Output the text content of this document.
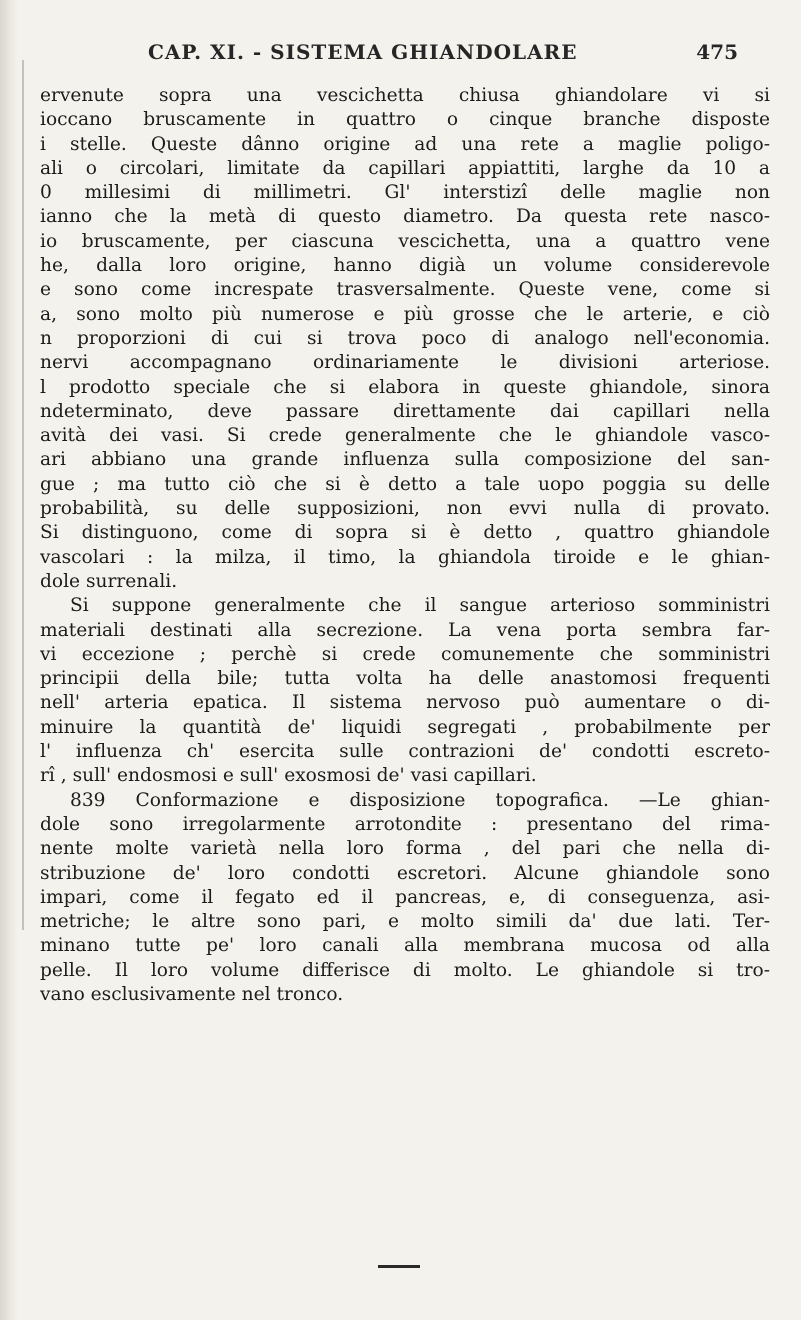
CAP. XI. - SISTEMA GHIANDOLARE	475
ervenute sopra una vescichetta chiusa ghiandolare vi si
ioccano bruscamente in quattro o cinque branche disposte
i stelle. Queste dânno origine ad una rete a maglie poligo-
ali o circolari, limitate da capillari appiattiti, larghe da 10 a
0 millesimi di millimetri. Gl' interstizî delle maglie non
ianno che la metà di questo diametro. Da questa rete nasco-
io bruscamente, per ciascuna vescichetta, una a quattro vene
he, dalla loro origine, hanno digià un volume considerevole
e sono come increspate trasversalmente. Queste vene, come si
a, sono molto più numerose e più grosse che le arterie, e ciò
n proporzioni di cui si trova poco di analogo nell'economia.
nervi accompagnano ordinariamente le divisioni arteriose.
l prodotto speciale che si elabora in queste ghiandole, sinora
ndeterminato, deve passare direttamente dai capillari nella
avità dei vasi. Si crede generalmente che le ghiandole vasco-
ari abbiano una grande influenza sulla composizione del san-
gue ; ma tutto ciò che si è detto a tale uopo poggia su delle
probabilità, su delle supposizioni, non evvi nulla di provato.
Si distinguono, come di sopra si è detto , quattro ghiandole
vascolari : la milza, il timo, la ghiandola tiroide e le ghian-
dole surrenali.
Si suppone generalmente che il sangue arterioso somministri
materiali destinati alla secrezione. La vena porta sembra far-
vi eccezione ; perchè si crede comunemente che somministri
principii della bile; tutta volta ha delle anastomosi frequenti
nell' arteria epatica. Il sistema nervoso può aumentare o di-
minuire la quantità de' liquidi segregati , probabilmente per
l' influenza ch' esercita sulle contrazioni de' condotti escreto-
rî , sull' endosmosi e sull' exosmosi de' vasi capillari.
839 Conformazione e disposizione topografica. —Le ghian-
dole sono irregolarmente arrotondite : presentano del rima-
nente molte varietà nella loro forma , del pari che nella di-
stribuzione de' loro condotti escretori. Alcune ghiandole sono
impari, come il fegato ed il pancreas, e, di conseguenza, asi-
metriche; le altre sono pari, e molto simili da' due lati. Ter-
minano tutte pe' loro canali alla membrana mucosa od alla
pelle. Il loro volume differisce di molto. Le ghiandole si tro-
vano esclusivamente nel tronco.
